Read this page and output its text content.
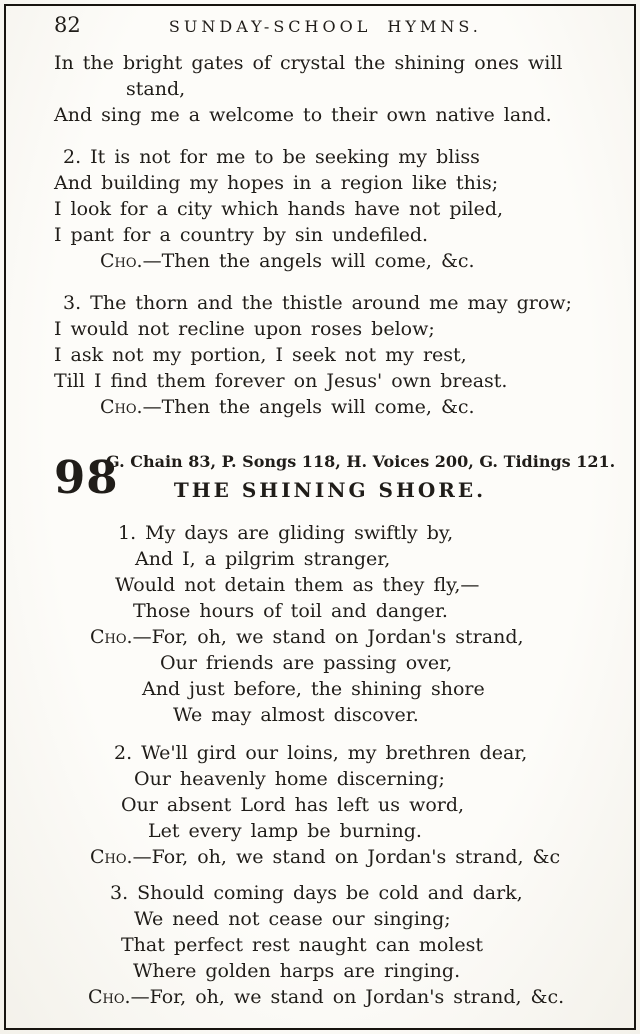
82	SUNDAY-SCHOOL HYMNS.

In the bright gates of crystal the shining ones will

stand,

And sing me a welcome to their own native land.

2. It is not for me to be seeking my bliss

And building my hopes in a region like this;

I look for a city which hands have not piled,

I pant for a country by sin undefiled.

Cho.—Then the angels will come, &c.

3. The thorn and the thistle around me may grow;

I would not recline upon roses below;

I ask not my portion, I seek not my rest,

Till I find them forever on Jesus' own breast.

Cho.—Then the angels will come, &c.

98
G. Chain 83, P. Songs 118, H. Voices 200, G. Tidings 121.
THE SHINING SHORE.

1. My days are gliding swiftly by,

And I, a pilgrim stranger,

Would not detain them as they fly,—

Those hours of toil and danger.

Cho.—For, oh, we stand on Jordan's strand,

Our friends are passing over,

And just before, the shining shore

We may almost discover.

2. We'll gird our loins, my brethren dear,

Our heavenly home discerning;

Our absent Lord has left us word,

Let every lamp be burning.

Cho.—For, oh, we stand on Jordan's strand, &c

3. Should coming days be cold and dark,

We need not cease our singing;

That perfect rest naught can molest

Where golden harps are ringing.

Cho.—For, oh, we stand on Jordan's strand, &c.
